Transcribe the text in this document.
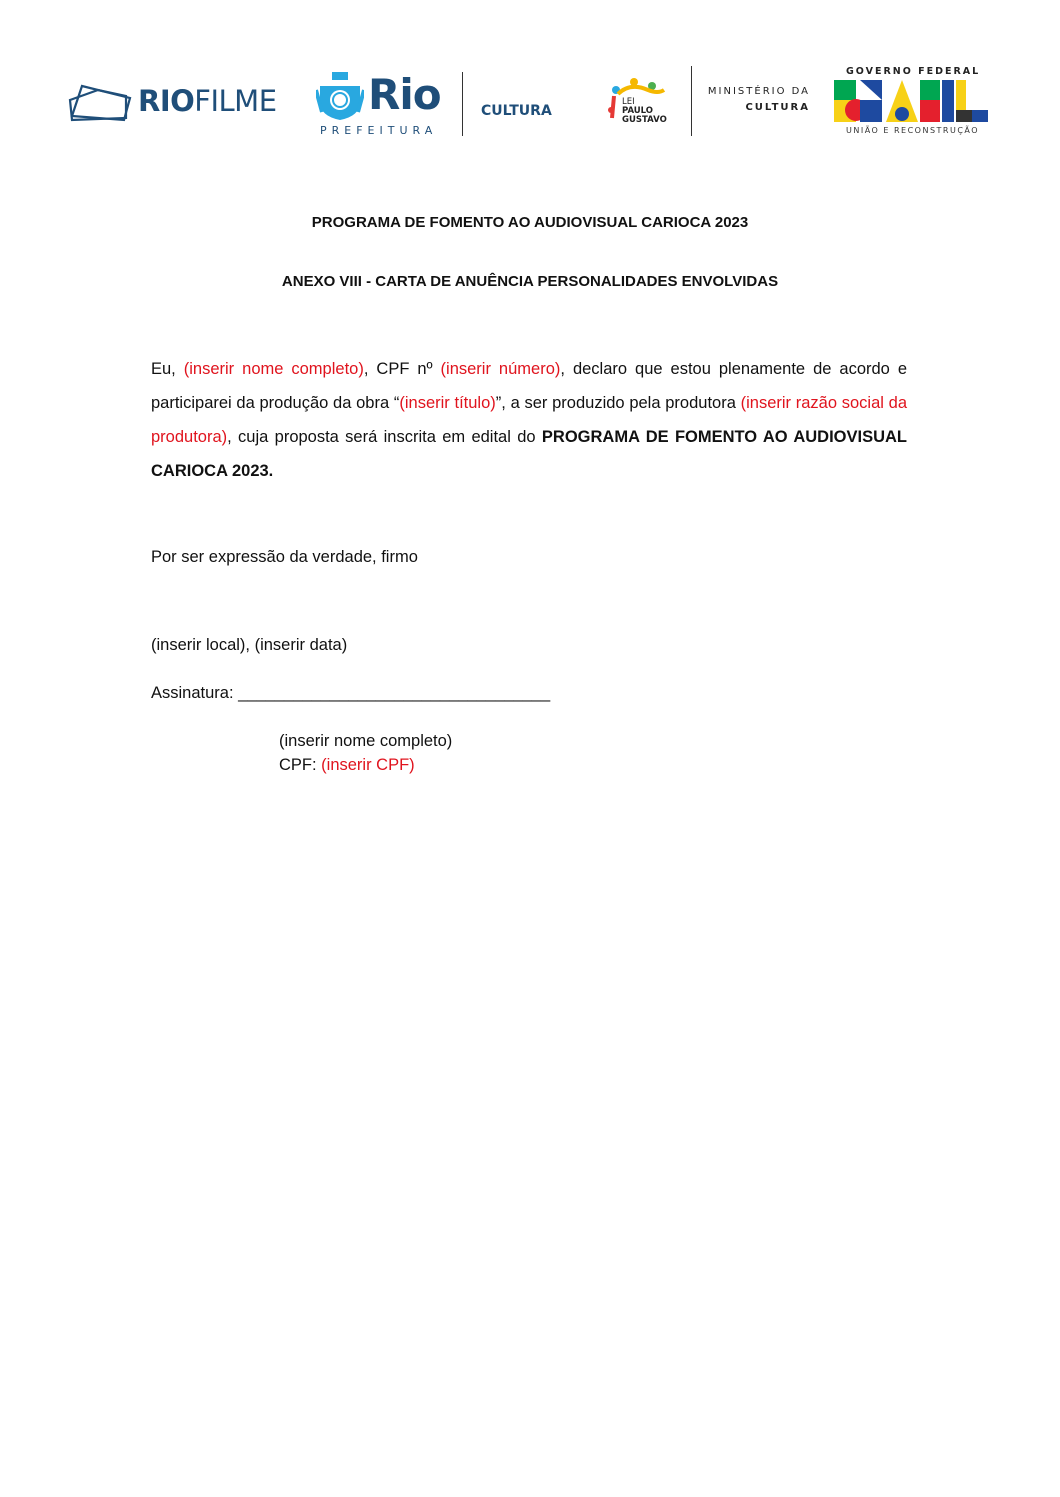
RIOFILME Rio
PREFEITURA
CULTURA
LEI
PAULO
GUSTAVO
MINISTÉRIO DA
CULTURA
GOVERNO FEDERAL
UNIÃO E RECONSTRUÇÃO
PROGRAMA DE FOMENTO AO AUDIOVISUAL CARIOCA 2023
ANEXO VIII - CARTA DE ANUÊNCIA PERSONALIDADES ENVOLVIDAS
Eu, (inserir nome completo), CPF nº (inserir número), declaro que estou plenamente de acordo e participarei da produção da obra “(inserir título)”, a ser produzido pela produtora (inserir razão social da produtora), cuja proposta será inscrita em edital do PROGRAMA DE FOMENTO AO AUDIOVISUAL CARIOCA 2023.
Por ser expressão da verdade, firmo
(inserir local), (inserir data)
Assinatura: __________________________________
(inserir nome completo)
CPF: (inserir CPF)
